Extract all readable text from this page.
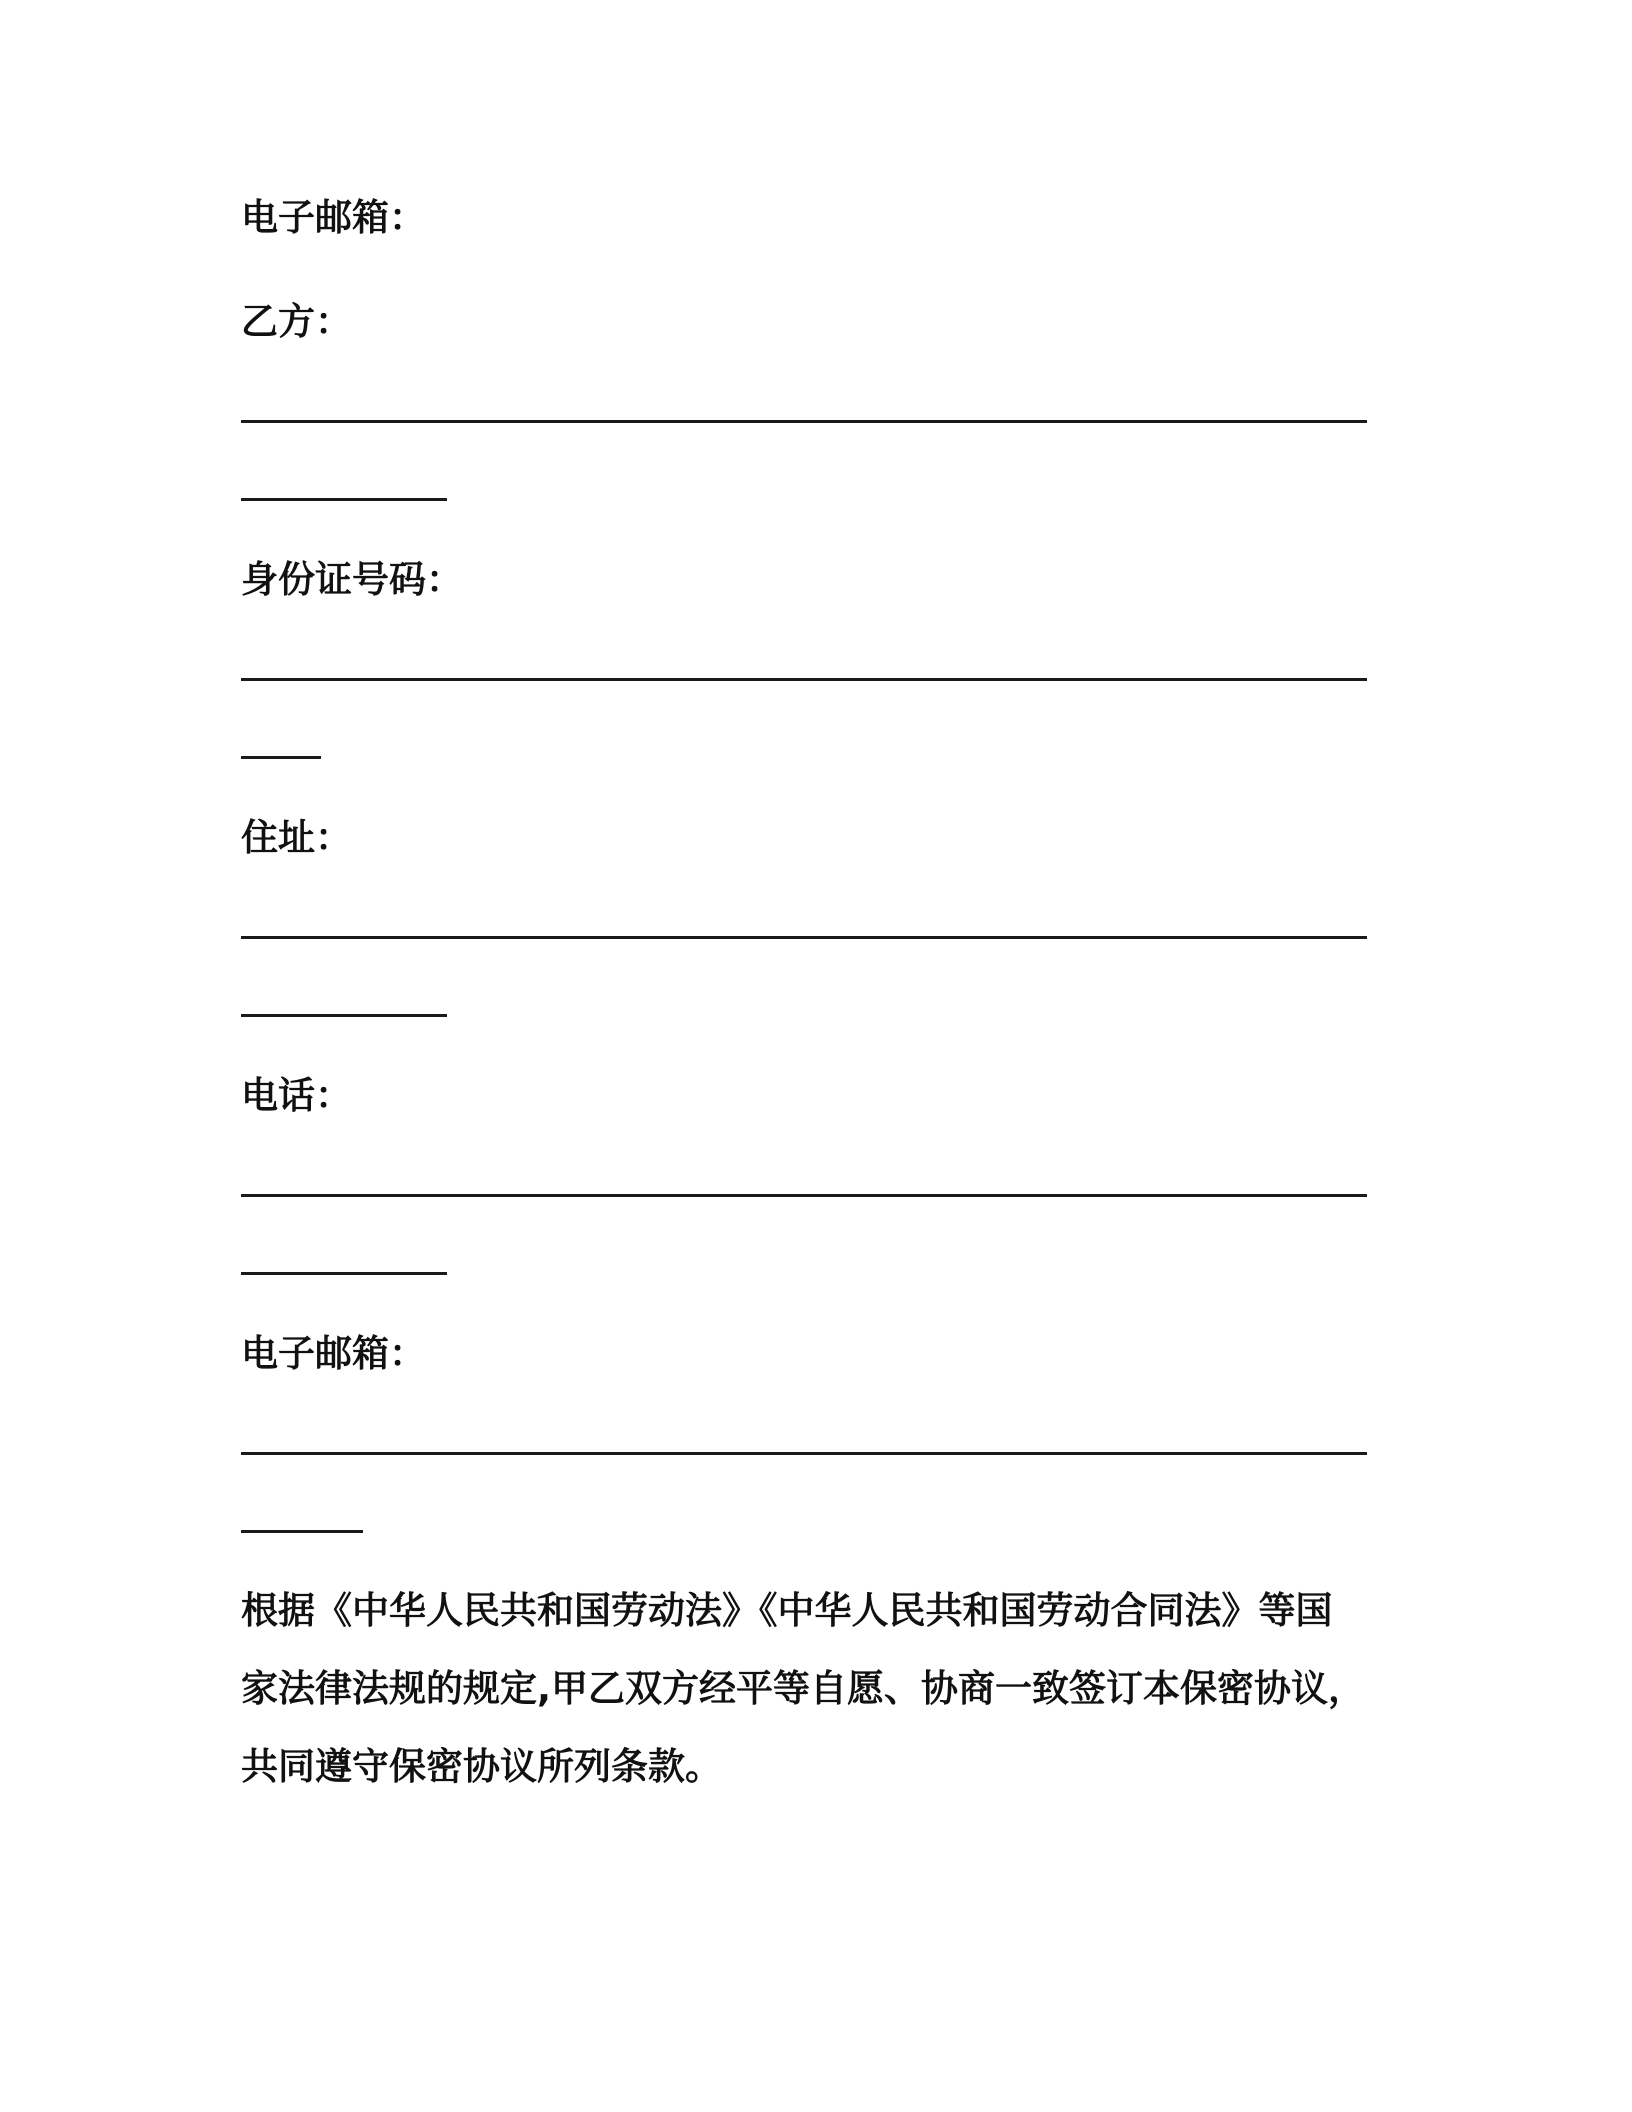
电子邮箱：

乙方：

身份证号码：

住址：

电话：

电子邮箱：

根据《中华人民共和国劳动法》《中华人民共和国劳动合同法》等国
家法律法规的规定,甲乙双方经平等自愿、协商一致签订本保密协议，
共同遵守保密协议所列条款。
